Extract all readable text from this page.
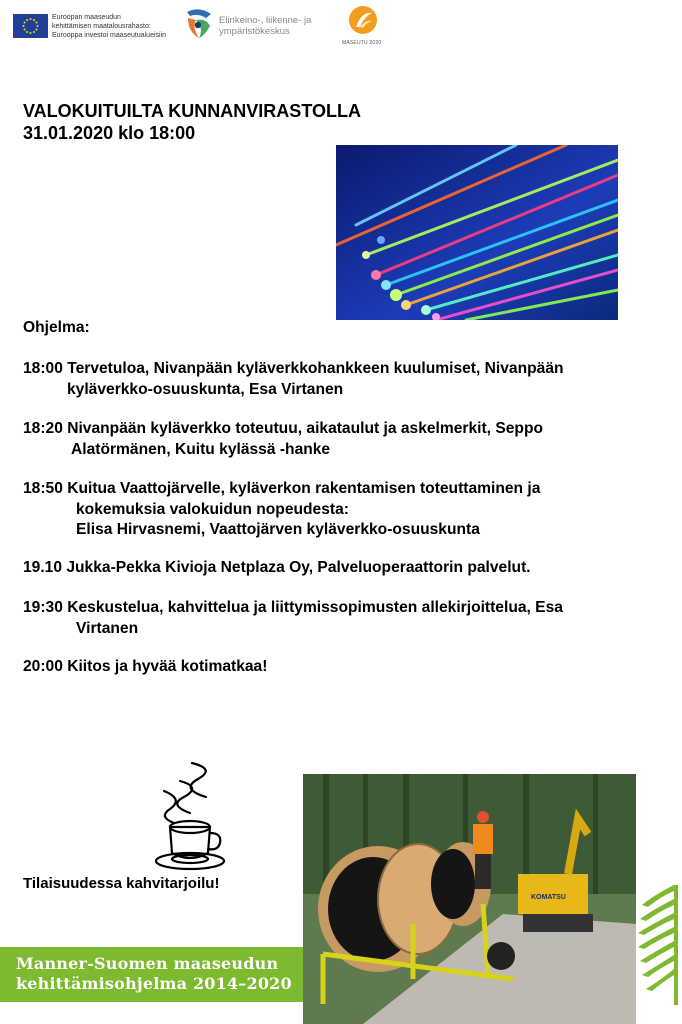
Euroopan maaseudun
kehittämisen maatalousrahasto:
Eurooppa investoi maaseutualueisiin
Elinkeino-, liikenne- ja
ympäristökeskus
MASEUTU 2020
VALOKUITUILTA KUNNANVIRASTOLLA
31.01.2020 klo 18:00
Ohjelma:
18:00 Tervetuloa, Nivanpään kyläverkkohankkeen kuulumiset, Nivanpään
kyläverkko-osuuskunta, Esa Virtanen
18:20 Nivanpään kyläverkko toteutuu, aikataulut ja askelmerkit, Seppo
Alatörmänen, Kuitu kylässä -hanke
18:50 Kuitua Vaattojärvelle, kyläverkon rakentamisen toteuttaminen ja
kokemuksia valokuidun nopeudesta:
Elisa Hirvasnemi, Vaattojärven kyläverkko-osuuskunta
19.10 Jukka-Pekka Kivioja Netplaza Oy, Palveluoperaattorin palvelut.
19:30 Keskustelua, kahvittelua ja liittymissopimusten allekirjoittelua, Esa
Virtanen
20:00 Kiitos ja hyvää kotimatkaa!
Tilaisuudessa kahvitarjoilu!
KOMATSU
Manner-Suomen maaseudun
kehittämisohjelma 2014–2020
